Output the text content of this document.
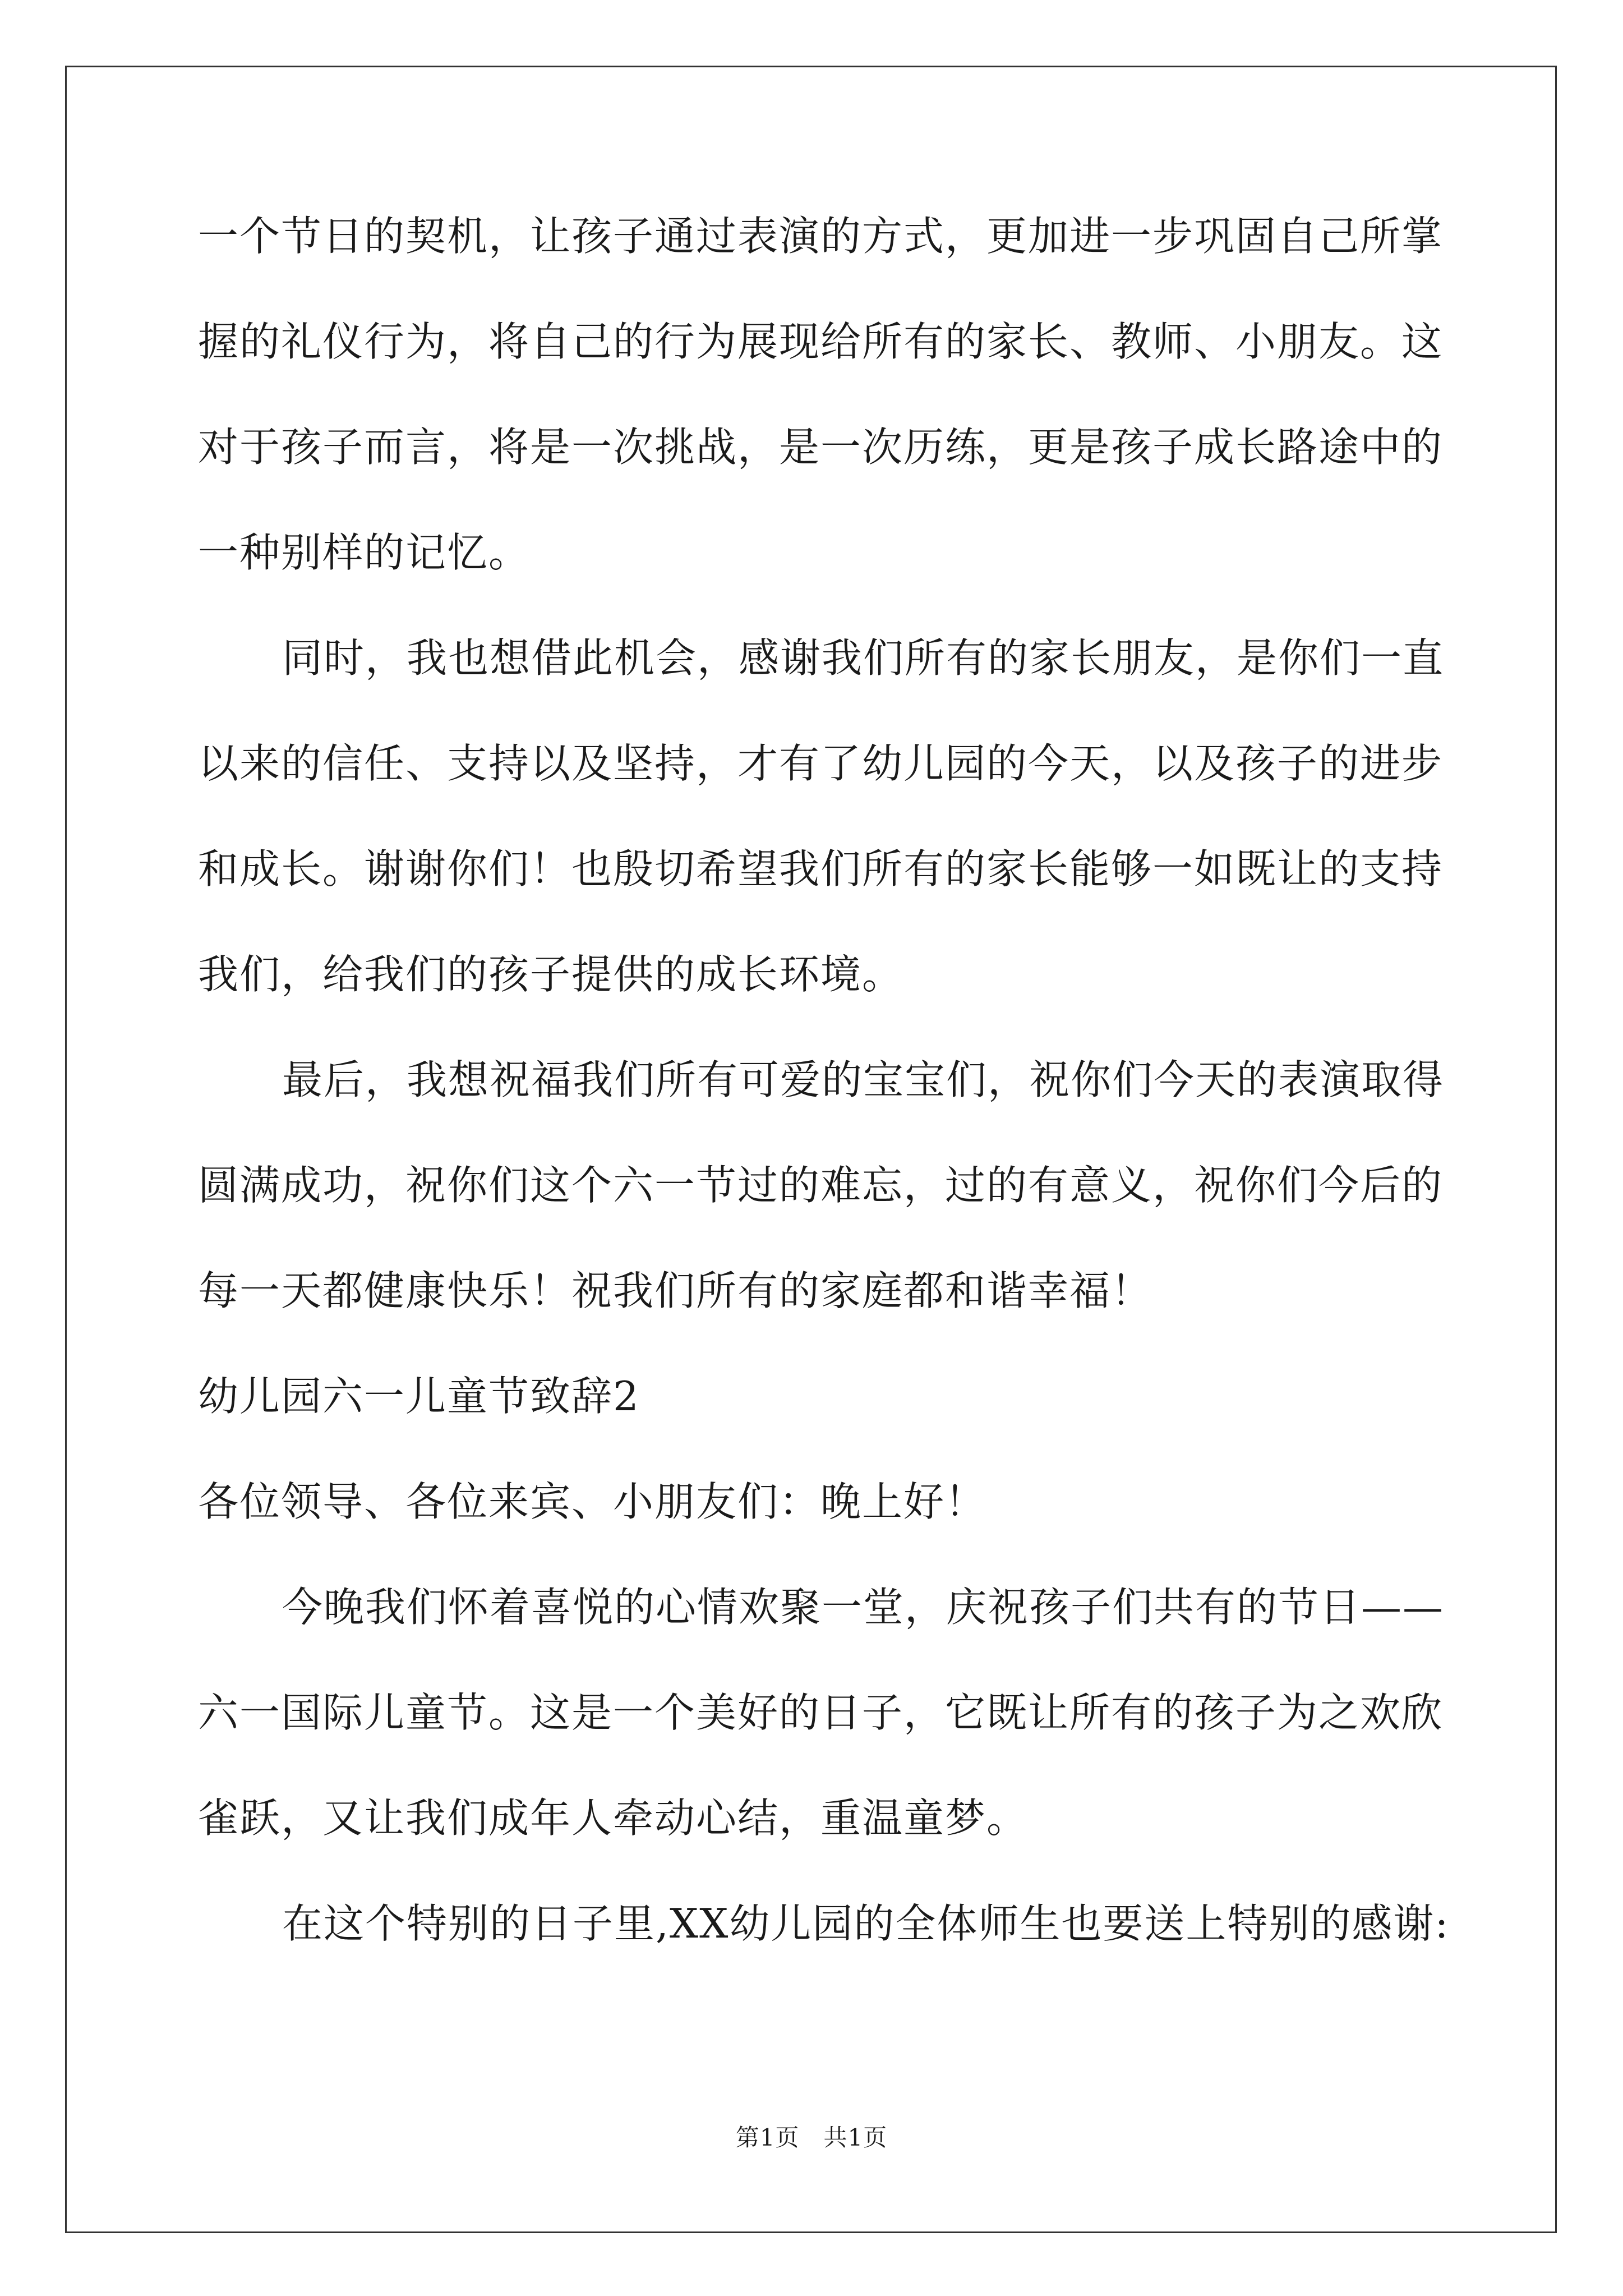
一个节日的契机，让孩子通过表演的方式，更加进一步巩固自己所掌
握的礼仪行为，将自己的行为展现给所有的家长、教师、小朋友。这
对于孩子而言，将是一次挑战，是一次历练，更是孩子成长路途中的
一种别样的记忆。
同时，我也想借此机会，感谢我们所有的家长朋友，是你们一直
以来的信任、支持以及坚持，才有了幼儿园的今天，以及孩子的进步
和成长。谢谢你们！也殷切希望我们所有的家长能够一如既让的支持
我们，给我们的孩子提供的成长环境。
最后，我想祝福我们所有可爱的宝宝们，祝你们今天的表演取得
圆满成功，祝你们这个六一节过的难忘，过的有意义，祝你们今后的
每一天都健康快乐！祝我们所有的家庭都和谐幸福！
幼儿园六一儿童节致辞2
各位领导、各位来宾、小朋友们：晚上好！
今晚我们怀着喜悦的心情欢聚一堂，庆祝孩子们共有的节日——
六一国际儿童节。这是一个美好的日子，它既让所有的孩子为之欢欣
雀跃，又让我们成年人牵动心结，重温童梦。
在这个特别的日子里,XX幼儿园的全体师生也要送上特别的感谢:
第1页　共1页
